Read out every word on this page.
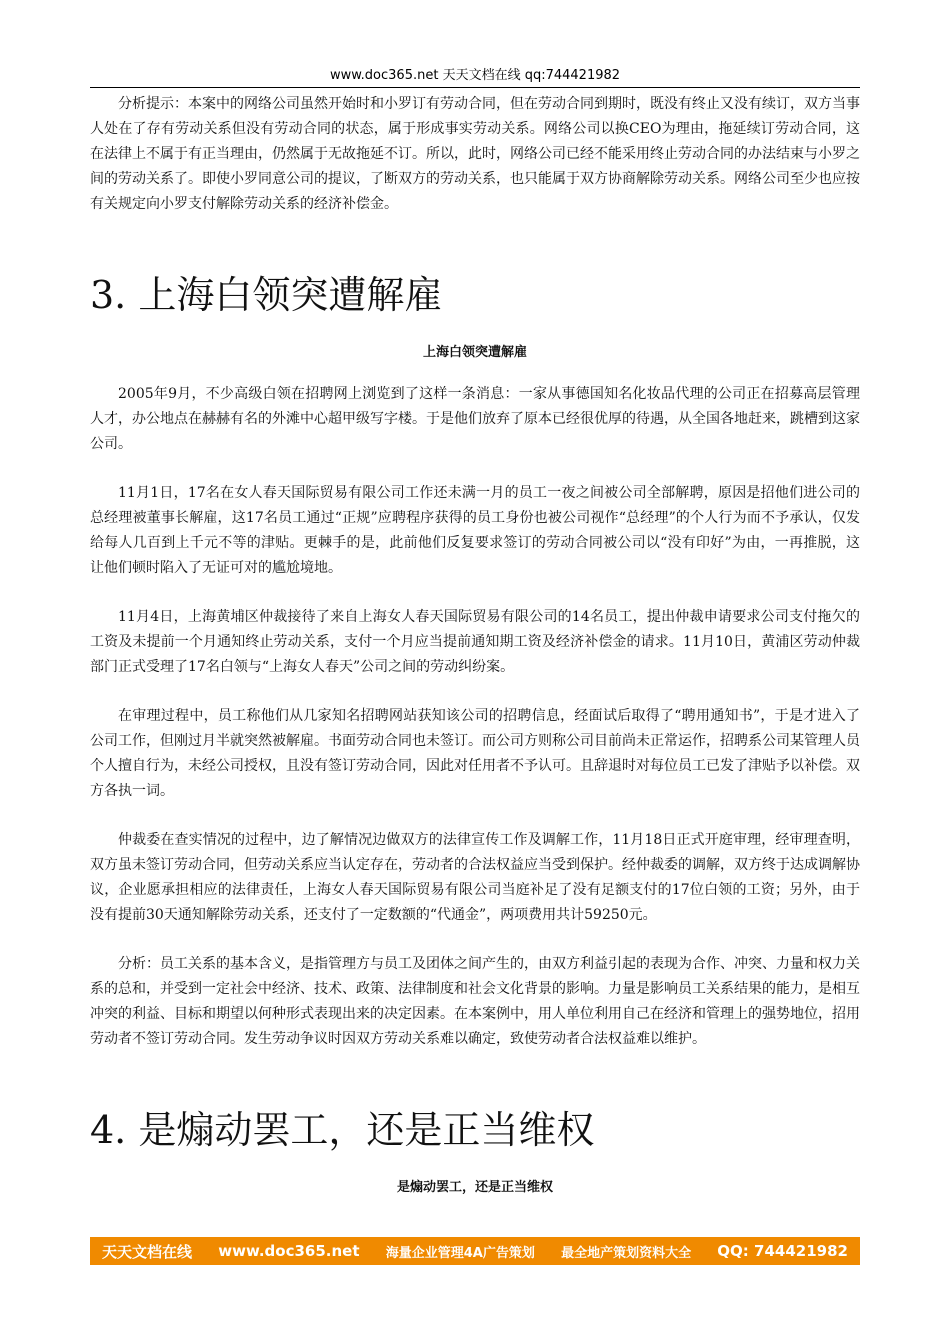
www.doc365.net 天天文档在线 qq:744421982

分析提示：本案中的网络公司虽然开始时和小罗订有劳动合同，但在劳动合同到期时，既没有终止又没有续订，双方当事人处在了存有劳动关系但没有劳动合同的状态，属于形成事实劳动关系。网络公司以换CEO为理由，拖延续订劳动合同，这在法律上不属于有正当理由，仍然属于无故拖延不订。所以，此时，网络公司已经不能采用终止劳动合同的办法结束与小罗之间的劳动关系了。即使小罗同意公司的提议，了断双方的劳动关系，也只能属于双方协商解除劳动关系。网络公司至少也应按有关规定向小罗支付解除劳动关系的经济补偿金。

3. 上海白领突遭解雇
上海白领突遭解雇

2005年9月，不少高级白领在招聘网上浏览到了这样一条消息：一家从事德国知名化妆品代理的公司正在招募高层管理人才，办公地点在赫赫有名的外滩中心超甲级写字楼。于是他们放弃了原本已经很优厚的待遇，从全国各地赶来，跳槽到这家公司。

11月1日，17名在女人春天国际贸易有限公司工作还未满一月的员工一夜之间被公司全部解聘，原因是招他们进公司的总经理被董事长解雇，这17名员工通过“正规”应聘程序获得的员工身份也被公司视作“总经理”的个人行为而不予承认，仅发给每人几百到上千元不等的津贴。更棘手的是，此前他们反复要求签订的劳动合同被公司以“没有印好”为由，一再推脱，这让他们顿时陷入了无证可对的尴尬境地。

11月4日，上海黄埔区仲裁接待了来自上海女人春天国际贸易有限公司的14名员工，提出仲裁申请要求公司支付拖欠的工资及未提前一个月通知终止劳动关系，支付一个月应当提前通知期工资及经济补偿金的请求。11月10日，黄浦区劳动仲裁部门正式受理了17名白领与“上海女人春天”公司之间的劳动纠纷案。

在审理过程中，员工称他们从几家知名招聘网站获知该公司的招聘信息，经面试后取得了“聘用通知书”，于是才进入了公司工作，但刚过月半就突然被解雇。书面劳动合同也未签订。而公司方则称公司目前尚未正常运作，招聘系公司某管理人员个人擅自行为，未经公司授权，且没有签订劳动合同，因此对任用者不予认可。且辞退时对每位员工已发了津贴予以补偿。双方各执一词。

仲裁委在查实情况的过程中，边了解情况边做双方的法律宣传工作及调解工作，11月18日正式开庭审理，经审理查明，双方虽未签订劳动合同，但劳动关系应当认定存在，劳动者的合法权益应当受到保护。经仲裁委的调解，双方终于达成调解协议，企业愿承担相应的法律责任，上海女人春天国际贸易有限公司当庭补足了没有足额支付的17位白领的工资；另外，由于没有提前30天通知解除劳动关系，还支付了一定数额的“代通金”，两项费用共计59250元。

分析：员工关系的基本含义，是指管理方与员工及团体之间产生的，由双方利益引起的表现为合作、冲突、力量和权力关系的总和，并受到一定社会中经济、技术、政策、法律制度和社会文化背景的影响。力量是影响员工关系结果的能力，是相互冲突的利益、目标和期望以何种形式表现出来的决定因素。在本案例中，用人单位利用自己在经济和管理上的强势地位，招用劳动者不签订劳动合同。发生劳动争议时因双方劳动关系难以确定，致使劳动者合法权益难以维护。

4. 是煽动罢工，还是正当维权
是煽动罢工，还是正当维权
天天文档在线 www.doc365.net 海量企业管理4A广告策划 最全地产策划资料大全 QQ: 744421982
